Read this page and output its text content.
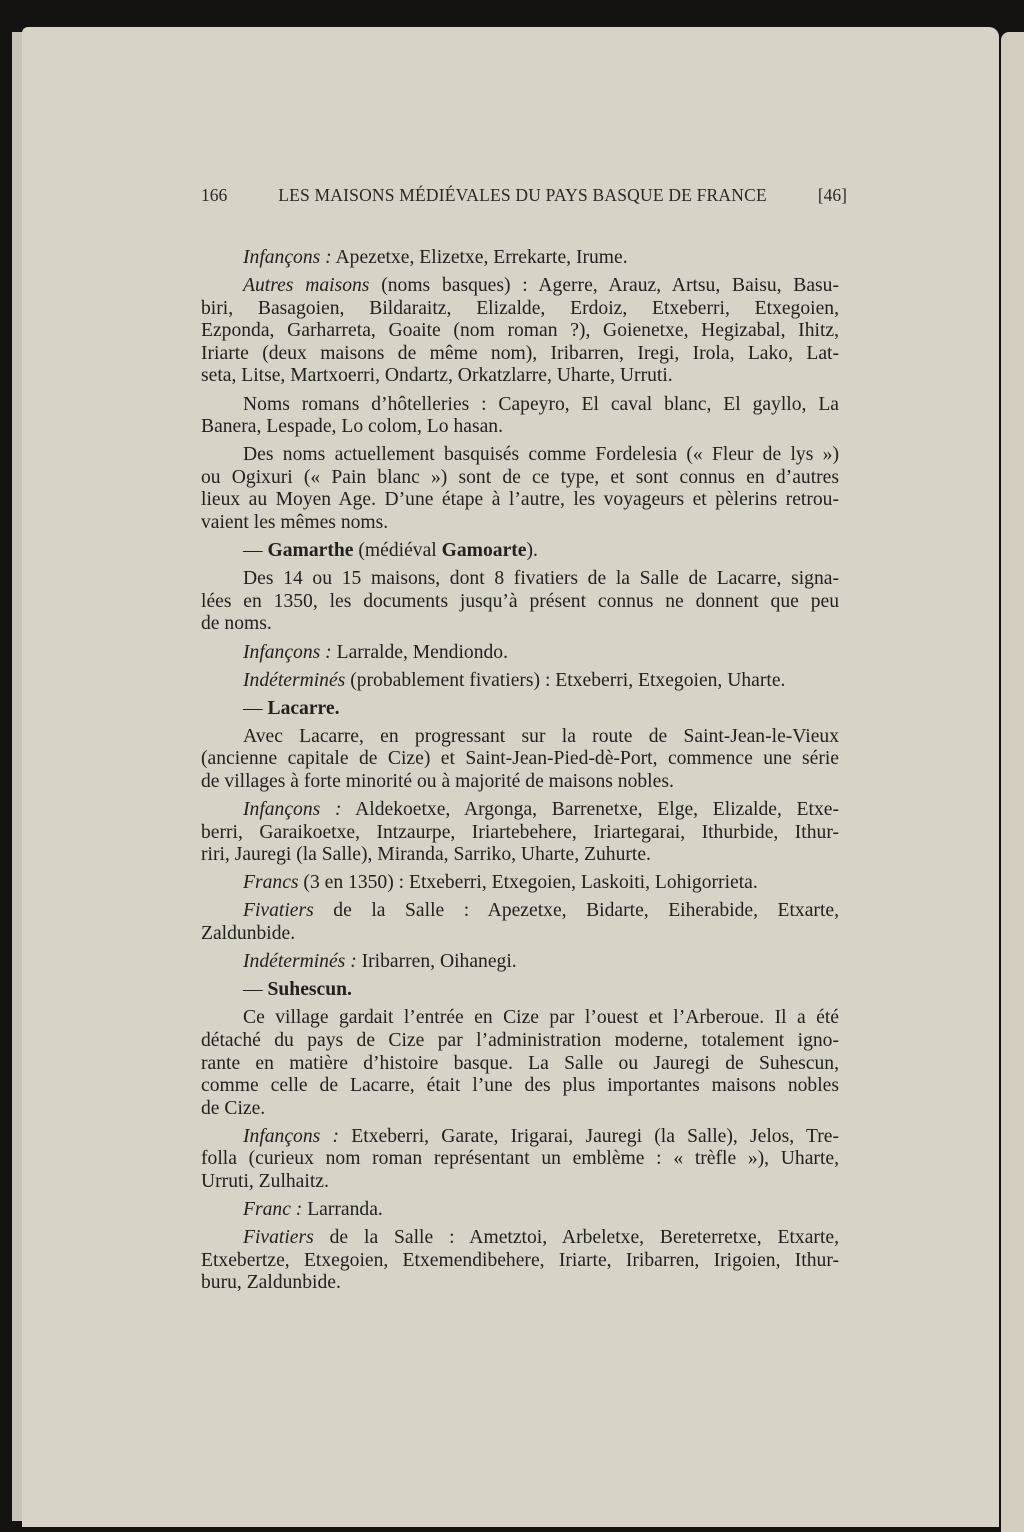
166	LES MAISONS MÉDIÉVALES DU PAYS BASQUE DE FRANCE	[46]
Infançons : Apezetxe, Elizetxe, Errekarte, Irume.
Autres maisons (noms basques) : Agerre, Arauz, Artsu, Baisu, Basu-
biri, Basagoien, Bildaraitz, Elizalde, Erdoiz, Etxeberri, Etxegoien,
Ezponda, Garharreta, Goaite (nom roman ?), Goienetxe, Hegizabal, Ihitz,
Iriarte (deux maisons de même nom), Iribarren, Iregi, Irola, Lako, Lat-
seta, Litse, Martxoerri, Ondartz, Orkatzlarre, Uharte, Urruti.
Noms romans d’hôtelleries : Capeyro, El caval blanc, El gayllo, La
Banera, Lespade, Lo colom, Lo hasan.
Des noms actuellement basquisés comme Fordelesia (« Fleur de lys »)
ou Ogixuri (« Pain blanc ») sont de ce type, et sont connus en d’autres
lieux au Moyen Age. D’une étape à l’autre, les voyageurs et pèlerins retrou-
vaient les mêmes noms.
— Gamarthe (médiéval Gamoarte).
Des 14 ou 15 maisons, dont 8 fivatiers de la Salle de Lacarre, signa-
lées en 1350, les documents jusqu’à présent connus ne donnent que peu
de noms.
Infançons : Larralde, Mendiondo.
Indéterminés (probablement fivatiers) : Etxeberri, Etxegoien, Uharte.
— Lacarre.
Avec Lacarre, en progressant sur la route de Saint-Jean-le-Vieux
(ancienne capitale de Cize) et Saint-Jean-Pied-dè-Port, commence une série
de villages à forte minorité ou à majorité de maisons nobles.
Infançons : Aldekoetxe, Argonga, Barrenetxe, Elge, Elizalde, Etxe-
berri, Garaikoetxe, Intzaurpe, Iriartebehere, Iriartegarai, Ithurbide, Ithur-
riri, Jauregi (la Salle), Miranda, Sarriko, Uharte, Zuhurte.
Francs (3 en 1350) : Etxeberri, Etxegoien, Laskoiti, Lohigorrieta.
Fivatiers de la Salle : Apezetxe, Bidarte, Eiherabide, Etxarte,
Zaldunbide.
Indéterminés : Iribarren, Oihanegi.
— Suhescun.
Ce village gardait l’entrée en Cize par l’ouest et l’Arberoue. Il a été
détaché du pays de Cize par l’administration moderne, totalement igno-
rante en matière d’histoire basque. La Salle ou Jauregi de Suhescun,
comme celle de Lacarre, était l’une des plus importantes maisons nobles
de Cize.
Infançons : Etxeberri, Garate, Irigarai, Jauregi (la Salle), Jelos, Tre-
folla (curieux nom roman représentant un emblème : « trèfle »), Uharte,
Urruti, Zulhaitz.
Franc : Larranda.
Fivatiers de la Salle : Ametztoi, Arbeletxe, Bereterretxe, Etxarte,
Etxebertze, Etxegoien, Etxemendibehere, Iriarte, Iribarren, Irigoien, Ithur-
buru, Zaldunbide.
